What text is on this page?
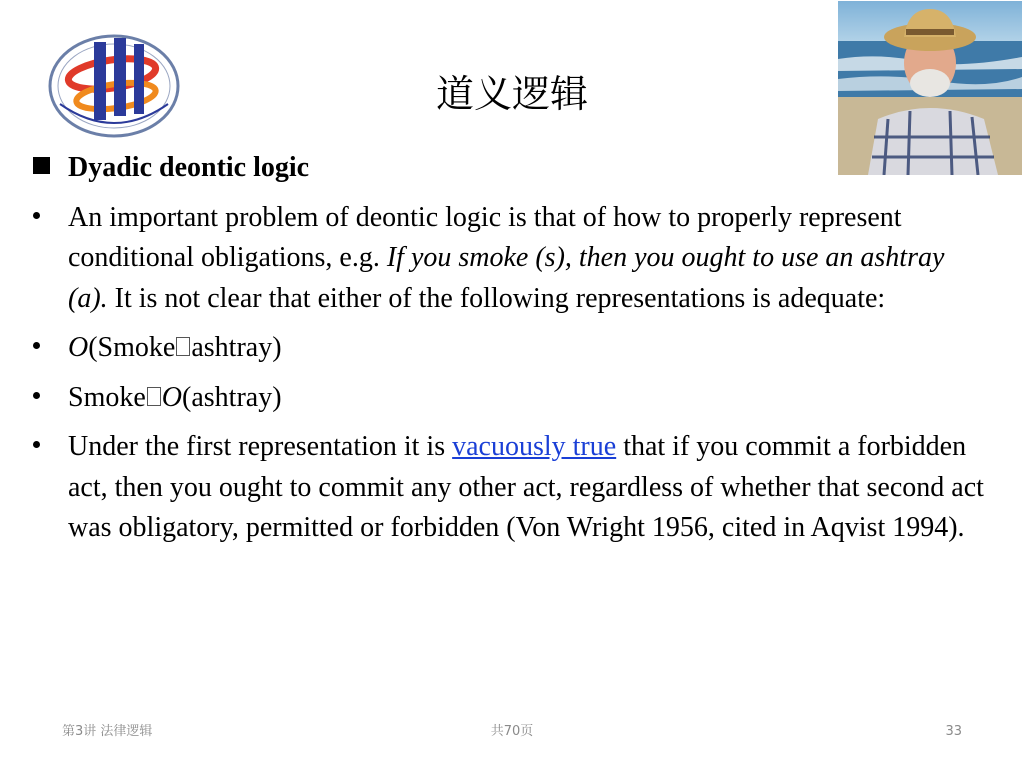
道义逻辑
Dyadic deontic logic
An important problem of deontic logic is that of how to properly represent conditional obligations, e.g. If you smoke (s), then you ought to use an ashtray (a). It is not clear that either of the following representations is adequate:
O(Smoke ashtray)
Smoke O(ashtray)
Under the first representation it is vacuously true that if you commit a forbidden act, then you ought to commit any other act, regardless of whether that second act was obligatory, permitted or forbidden (Von Wright 1956, cited in Aqvist 1994).
第3讲 法律逻辑	共70页	33
